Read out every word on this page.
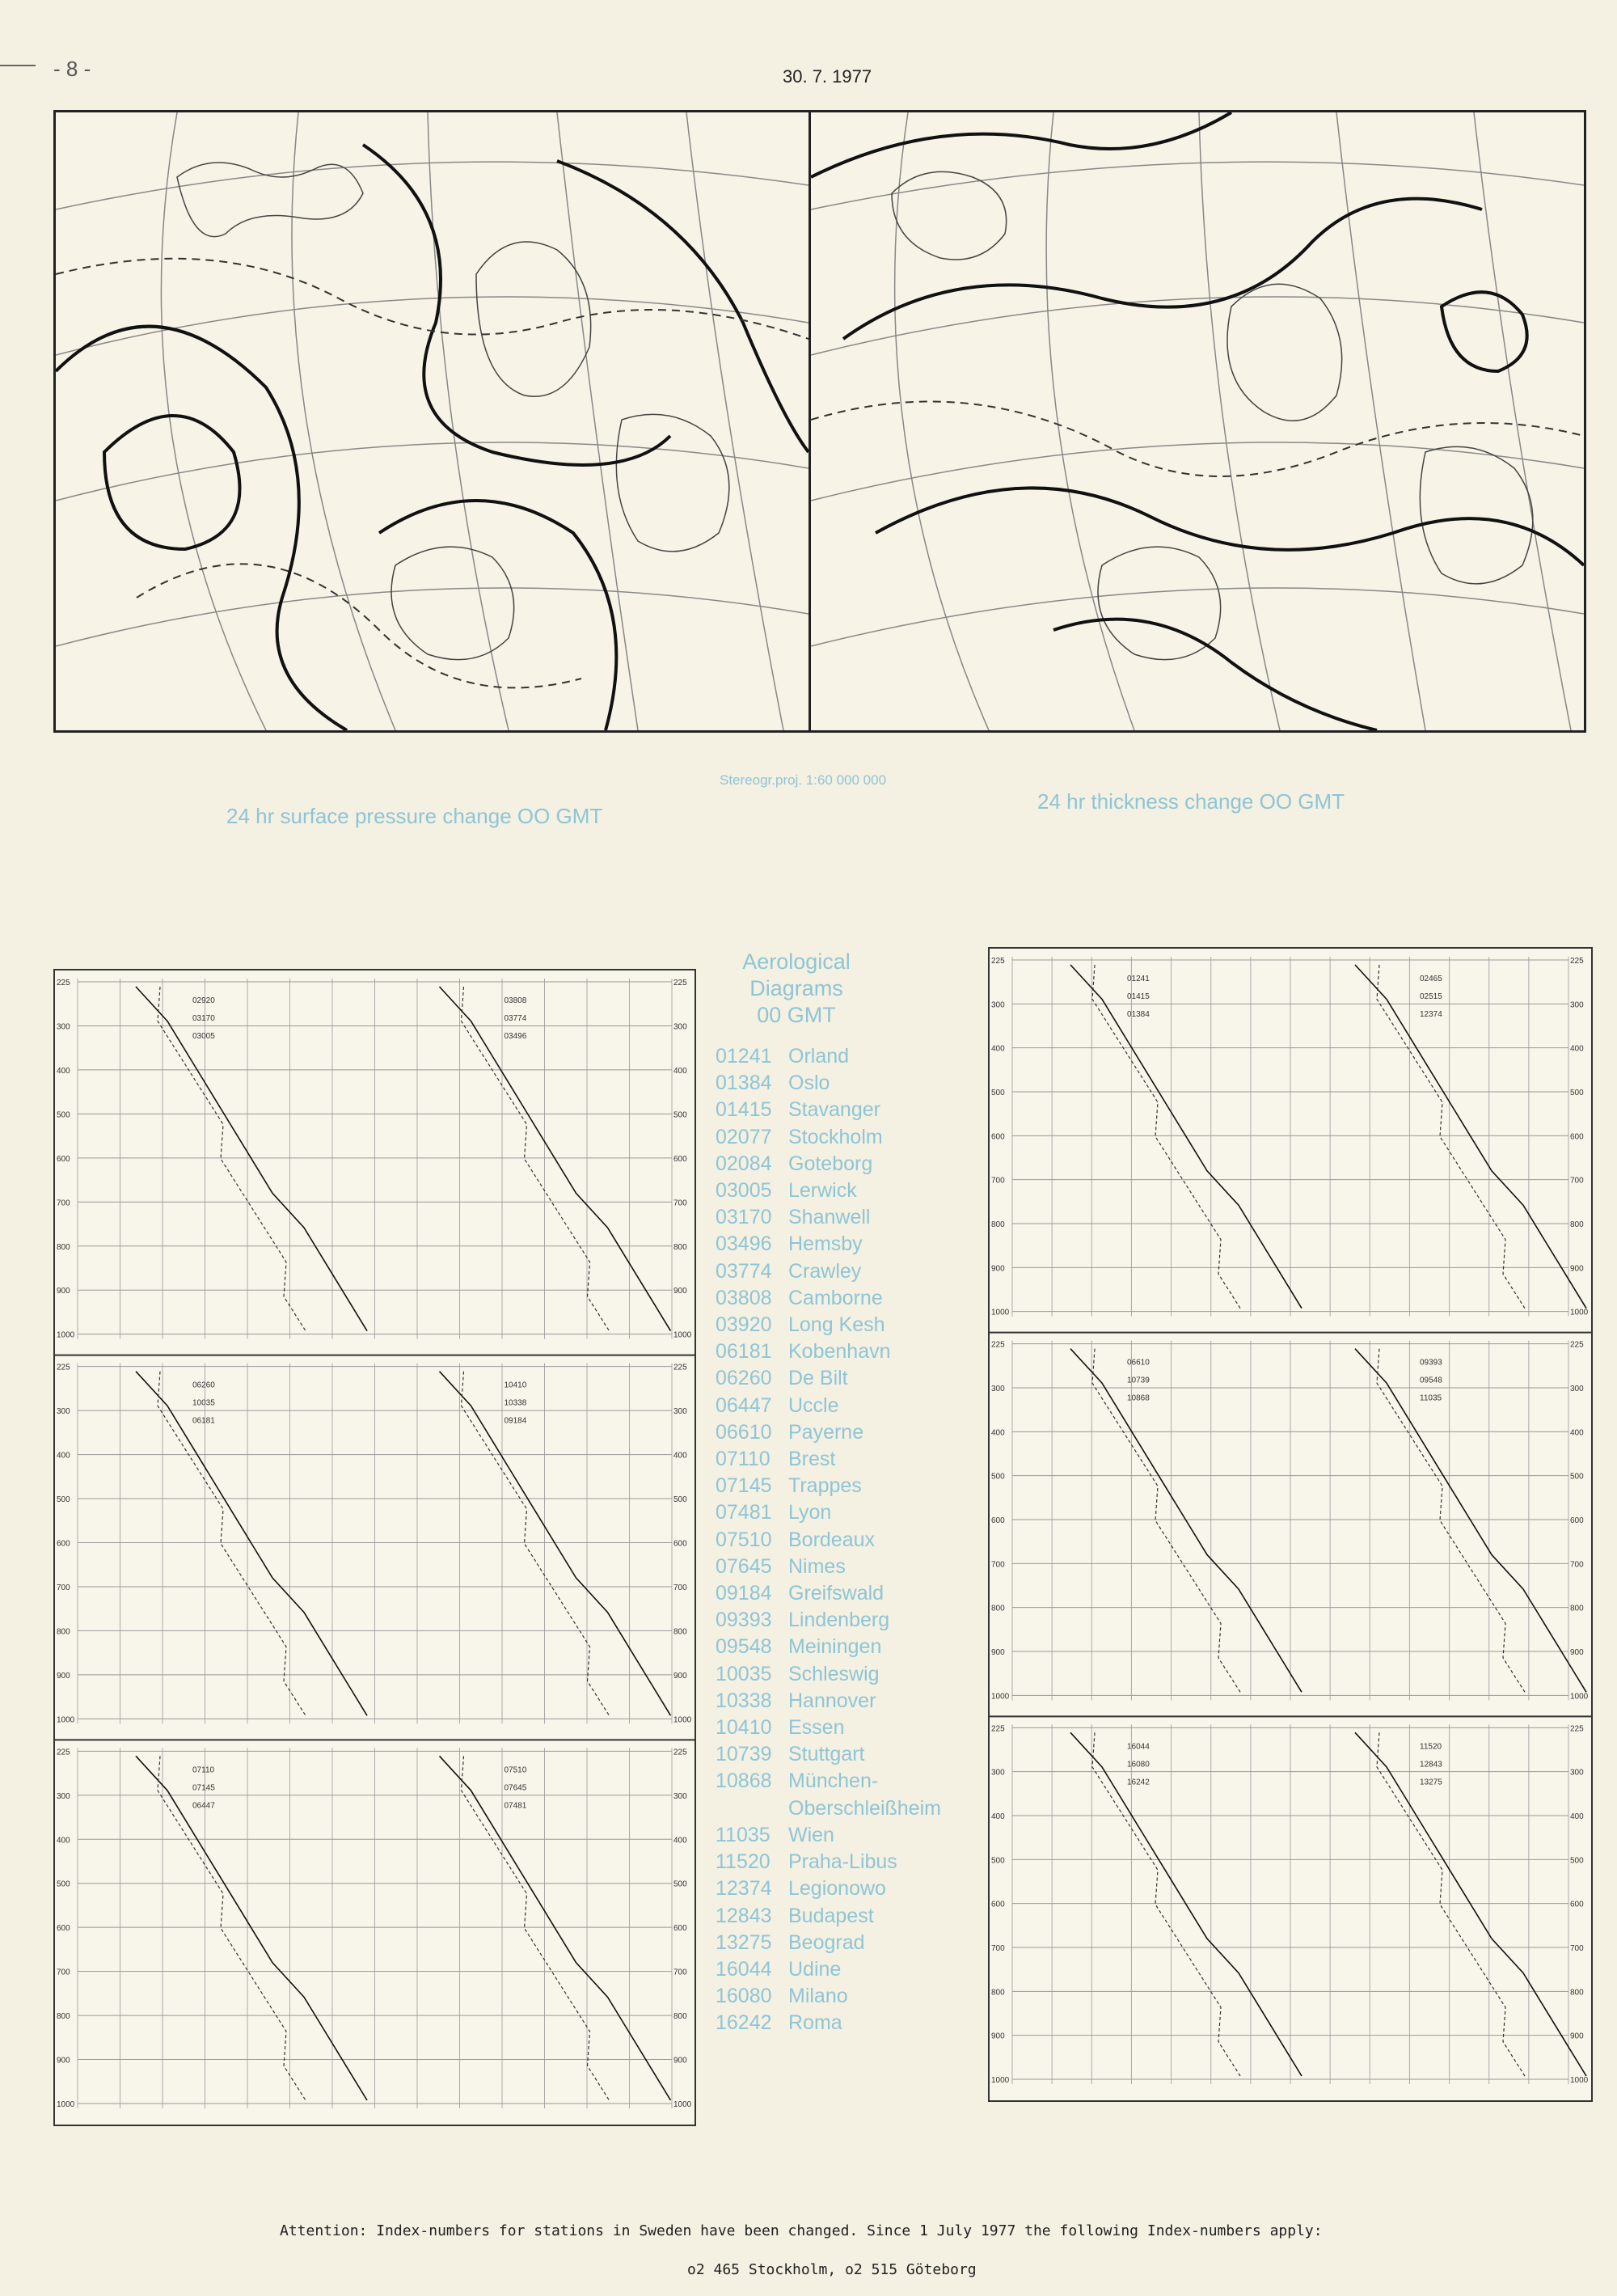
- 8 -	30. 7. 1977
24 hr surface pressure change OO GMT
Stereogr.proj. 1:60 000 000
24 hr thickness change OO GMT
225	225
300	300
400	400
500	500
600	600
700	700
800	800
900	900
1000	1000
02920
03170
03005
03808
03774
03496
225	225
300	300
400	400
500	500
600	600
700	700
800	800
900	900
1000	1000
06260
10035
06181
10410
10338
09184
225	225
300	300
400	400
500	500
600	600
700	700
800	800
900	900
1000	1000
07110
07145
06447
07510
07645
07481
225	225
300	300
400	400
500	500
600	600
700	700
800	800
900	900
1000	1000
01241
01415
01384
02465
02515
12374
225	225
300	300
400	400
500	500
600	600
700	700
800	800
900	900
1000	1000
06610
10739
10868
09393
09548
11035
225	225
300	300
400	400
500	500
600	600
700	700
800	800
900	900
1000	1000
16044
16080
16242
11520
12843
13275
Aerological
Diagrams
00 GMT
01241 Orland
01384 Oslo
01415 Stavanger
02077 Stockholm
02084 Goteborg
03005 Lerwick
03170 Shanwell
03496 Hemsby
03774 Crawley
03808 Camborne
03920 Long Kesh
06181 Kobenhavn
06260 De Bilt
06447 Uccle
06610 Payerne
07110 Brest
07145 Trappes
07481 Lyon
07510 Bordeaux
07645 Nimes
09184 Greifswald
09393 Lindenberg
09548 Meiningen
10035 Schleswig
10338 Hannover
10410 Essen
10739 Stuttgart
10868 München-
Oberschleißheim
11035 Wien
11520 Praha-Libus
12374 Legionowo
12843 Budapest
13275 Beograd
16044 Udine
16080 Milano
16242 Roma
Attention: Index-numbers for stations in Sweden have been changed. Since 1 July 1977 the following Index-numbers apply:
o2 465 Stockholm, o2 515 Göteborg
